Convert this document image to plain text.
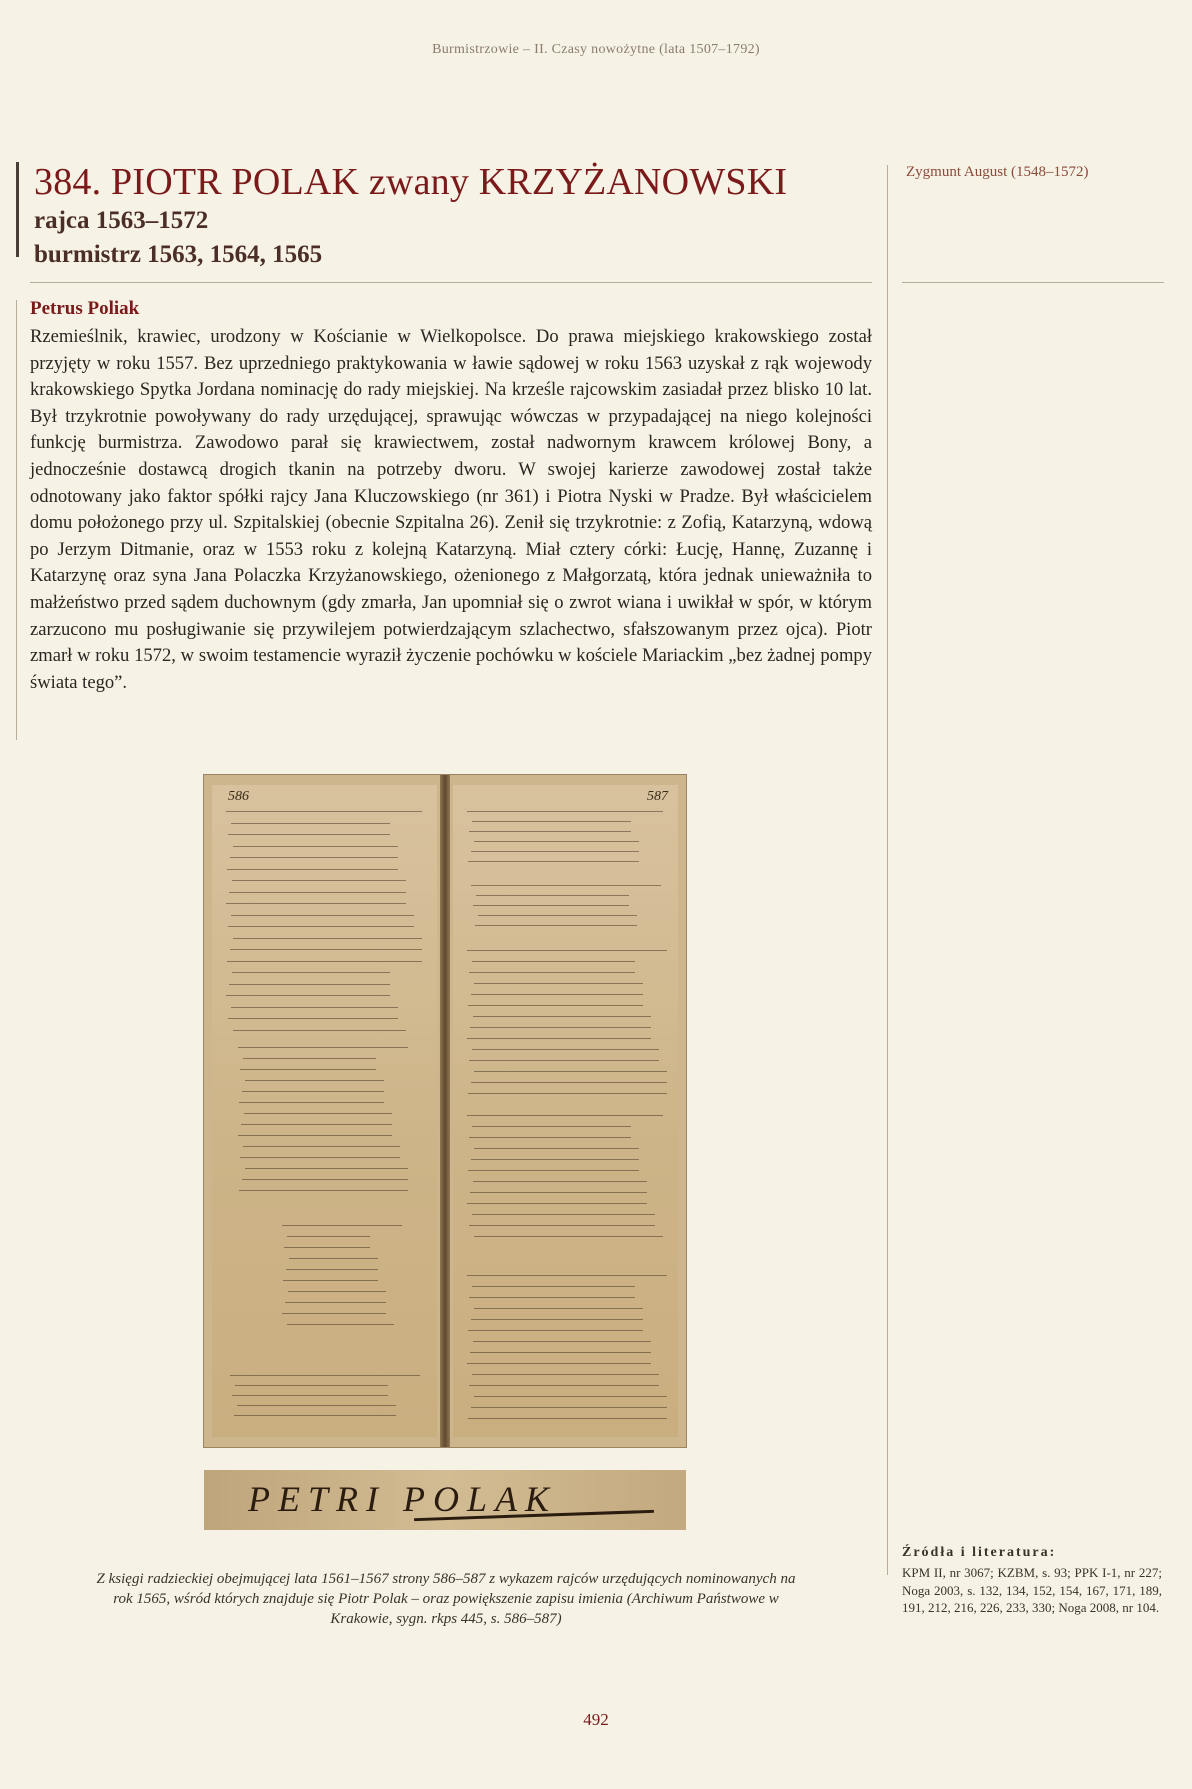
Burmistrzowie – II. Czasy nowożytne (lata 1507–1792)
384. PIOTR POLAK zwany KRZYŻANOWSKI
rajca 1563–1572
burmistrz 1563, 1564, 1565
Zygmunt August (1548–1572)
Petrus Poliak

Rzemieślnik, krawiec, urodzony w Kościanie w Wielkopolsce. Do prawa miejskiego krakowskiego został przyjęty w roku 1557. Bez uprzedniego praktykowania w ławie sądowej w roku 1563 uzyskał z rąk wojewody krakowskiego Spytka Jordana nominację do rady miejskiej. Na krześle rajcowskim zasiadał przez blisko 10 lat. Był trzykrotnie powoływany do rady urzędującej, sprawując wówczas w przypadającej na niego kolejności funkcję burmistrza. Zawodowo parał się krawiectwem, został nadwornym krawcem królowej Bony, a jednocześnie dostawcą drogich tkanin na potrzeby dworu. W swojej karierze zawodowej został także odnotowany jako faktor spółki rajcy Jana Kluczowskiego (nr 361) i Piotra Nyski w Pradze. Był właścicielem domu położonego przy ul. Szpitalskiej (obecnie Szpitalna 26). Zenił się trzykrotnie: z Zofią, Katarzyną, wdową po Jerzym Ditmanie, oraz w 1553 roku z kolejną Katarzyną. Miał cztery córki: Łucję, Hannę, Zuzannę i Katarzynę oraz syna Jana Polaczka Krzyżanowskiego, ożenionego z Małgorzatą, która jednak unieważniła to małżeństwo przed sądem duchownym (gdy zmarła, Jan upomniał się o zwrot wiana i uwikłał w spór, w którym zarzucono mu posługiwanie się przywilejem potwierdzającym szlachectwo, sfałszowanym przez ojca). Piotr zmarł w roku 1572, w swoim testamencie wyraził życzenie pochówku w kościele Mariackim „bez żadnej pompy świata tego”.

586	587
PETRI POLAK
Z księgi radzieckiej obejmującej lata 1561–1567 strony 586–587 z wykazem rajców urzędujących nominowanych na rok 1565, wśród których znajduje się Piotr Polak – oraz powiększenie zapisu imienia (Archiwum Państwowe w Krakowie, sygn. rkps 445, s. 586–587)
Źródła i literatura:
KPM II, nr 3067; KZBM, s. 93; PPK I-1, nr 227; Noga 2003, s. 132, 134, 152, 154, 167, 171, 189, 191, 212, 216, 226, 233, 330; Noga 2008, nr 104.
492
